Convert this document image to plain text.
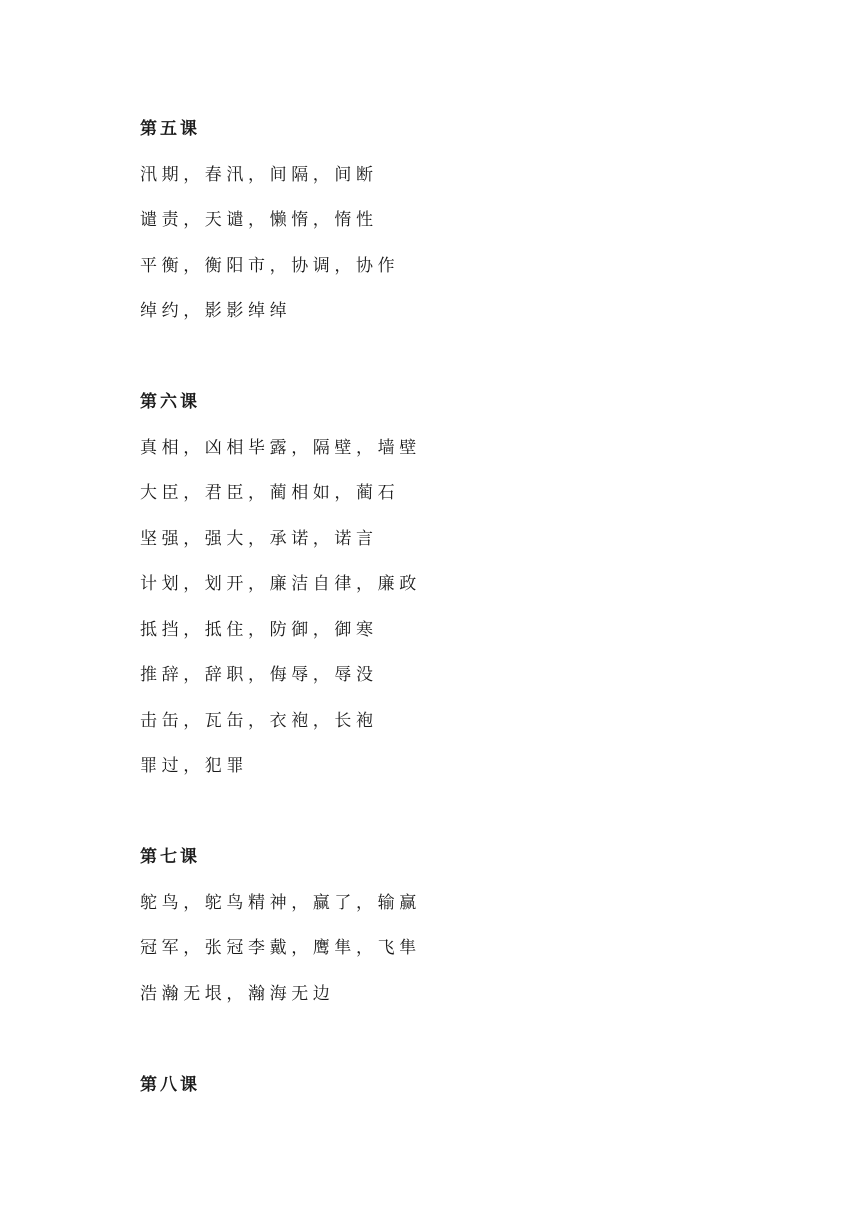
第五课
汛期，春汛，间隔，间断
谴责，天谴，懒惰，惰性
平衡，衡阳市，协调，协作
绰约，影影绰绰
第六课
真相，凶相毕露，隔壁，墙壁
大臣，君臣，蔺相如，蔺石
坚强，强大，承诺，诺言
计划，划开，廉洁自律，廉政
抵挡，抵住，防御，御寒
推辞，辞职，侮辱，辱没
击缶，瓦缶，衣袍，长袍
罪过，犯罪
第七课
鸵鸟，鸵鸟精神，赢了，输赢
冠军，张冠李戴，鹰隼，飞隼
浩瀚无垠，瀚海无边
第八课
